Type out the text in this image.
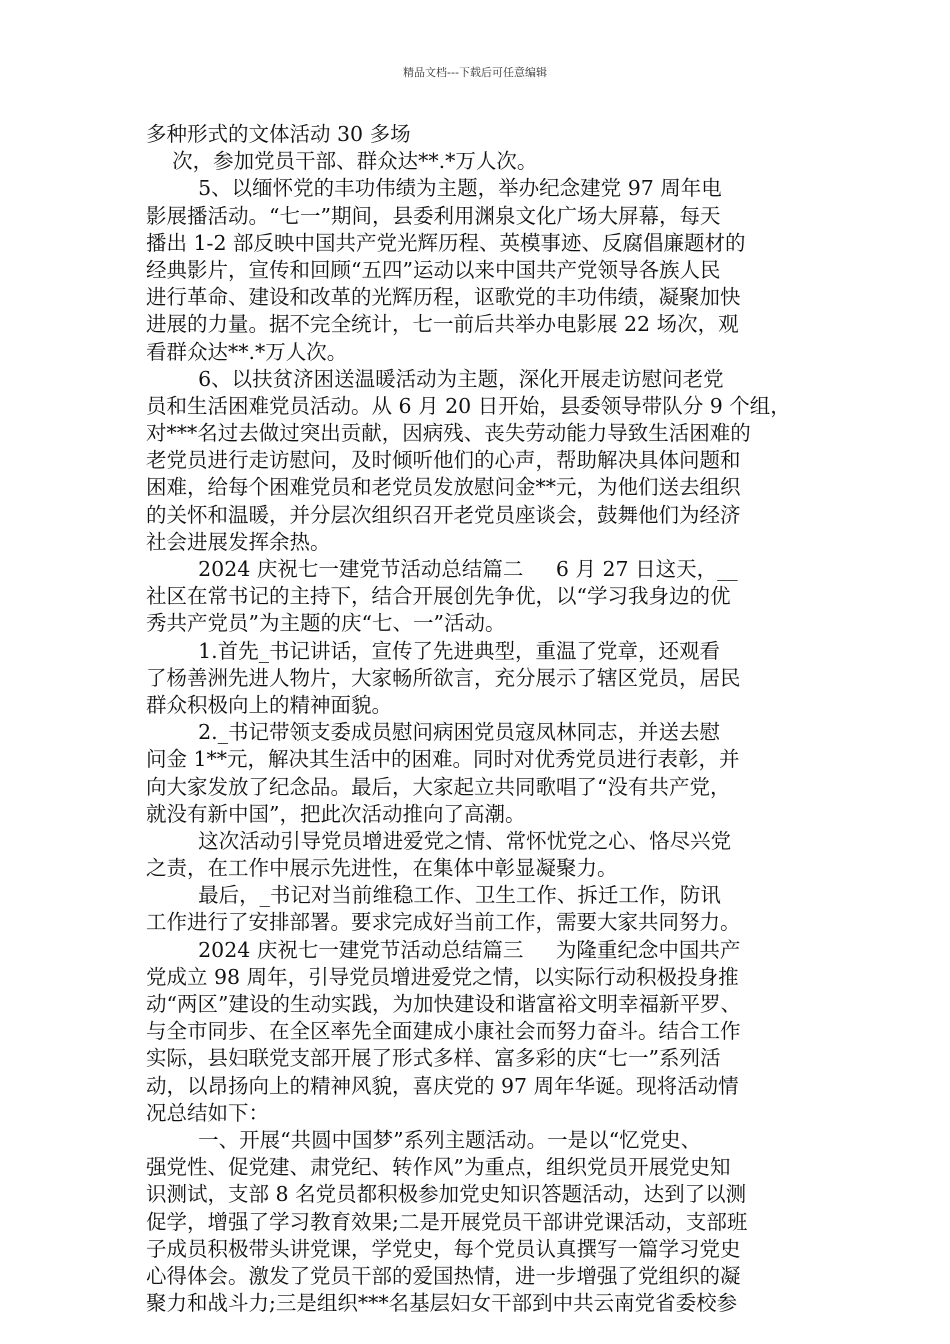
精品文档---下载后可任意编辑
多种形式的文体活动 30 多场
次，参加党员干部、群众达**.*万人次。
5、以缅怀党的丰功伟绩为主题，举办纪念建党 97 周年电
影展播活动。“七一”期间，县委利用渊泉文化广场大屏幕，每天
播出 1-2 部反映中国共产党光辉历程、英模事迹、反腐倡廉题材的
经典影片，宣传和回顾“五四”运动以来中国共产党领导各族人民
进行革命、建设和改革的光辉历程，讴歌党的丰功伟绩，凝聚加快
进展的力量。据不完全统计，七一前后共举办电影展 22 场次，观
看群众达**.*万人次。
6、以扶贫济困送温暖活动为主题，深化开展走访慰问老党
员和生活困难党员活动。从 6 月 20 日开始，县委领导带队分 9 个组，
对***名过去做过突出贡献，因病残、丧失劳动能力导致生活困难的
老党员进行走访慰问，及时倾听他们的心声，帮助解决具体问题和
困难，给每个困难党员和老党员发放慰问金**元，为他们送去组织
的关怀和温暖，并分层次组织召开老党员座谈会，鼓舞他们为经济
社会进展发挥余热。
2024 庆祝七一建党节活动总结篇二     6 月 27 日这天，__
社区在常书记的主持下，结合开展创先争优，以“学习我身边的优
秀共产党员”为主题的庆“七、一”活动。
1.首先_书记讲话，宣传了先进典型，重温了党章，还观看
了杨善洲先进人物片，大家畅所欲言，充分展示了辖区党员，居民
群众积极向上的精神面貌。
2._书记带领支委成员慰问病困党员寇凤林同志，并送去慰
问金 1**元，解决其生活中的困难。同时对优秀党员进行表彰，并
向大家发放了纪念品。最后，大家起立共同歌唱了“没有共产党，
就没有新中国”，把此次活动推向了高潮。
这次活动引导党员增进爱党之情、常怀忧党之心、恪尽兴党
之责，在工作中展示先进性，在集体中彰显凝聚力。
最后，_书记对当前维稳工作、卫生工作、拆迁工作，防讯
工作进行了安排部署。要求完成好当前工作，需要大家共同努力。
2024 庆祝七一建党节活动总结篇三     为隆重纪念中国共产
党成立 98 周年，引导党员增进爱党之情，以实际行动积极投身推
动“两区”建设的生动实践，为加快建设和谐富裕文明幸福新平罗、
与全市同步、在全区率先全面建成小康社会而努力奋斗。结合工作
实际，县妇联党支部开展了形式多样、富多彩的庆“七一”系列活
动，以昂扬向上的精神风貌，喜庆党的 97 周年华诞。现将活动情
况总结如下：
一、开展“共圆中国梦”系列主题活动。一是以“忆党史、
强党性、促党建、肃党纪、转作风”为重点，组织党员开展党史知
识测试，支部 8 名党员都积极参加党史知识答题活动，达到了以测
促学，增强了学习教育效果;二是开展党员干部讲党课活动，支部班
子成员积极带头讲党课，学党史，每个党员认真撰写一篇学习党史
心得体会。激发了党员干部的爱国热情，进一步增强了党组织的凝
聚力和战斗力;三是组织***名基层妇女干部到中共云南党省委校参
